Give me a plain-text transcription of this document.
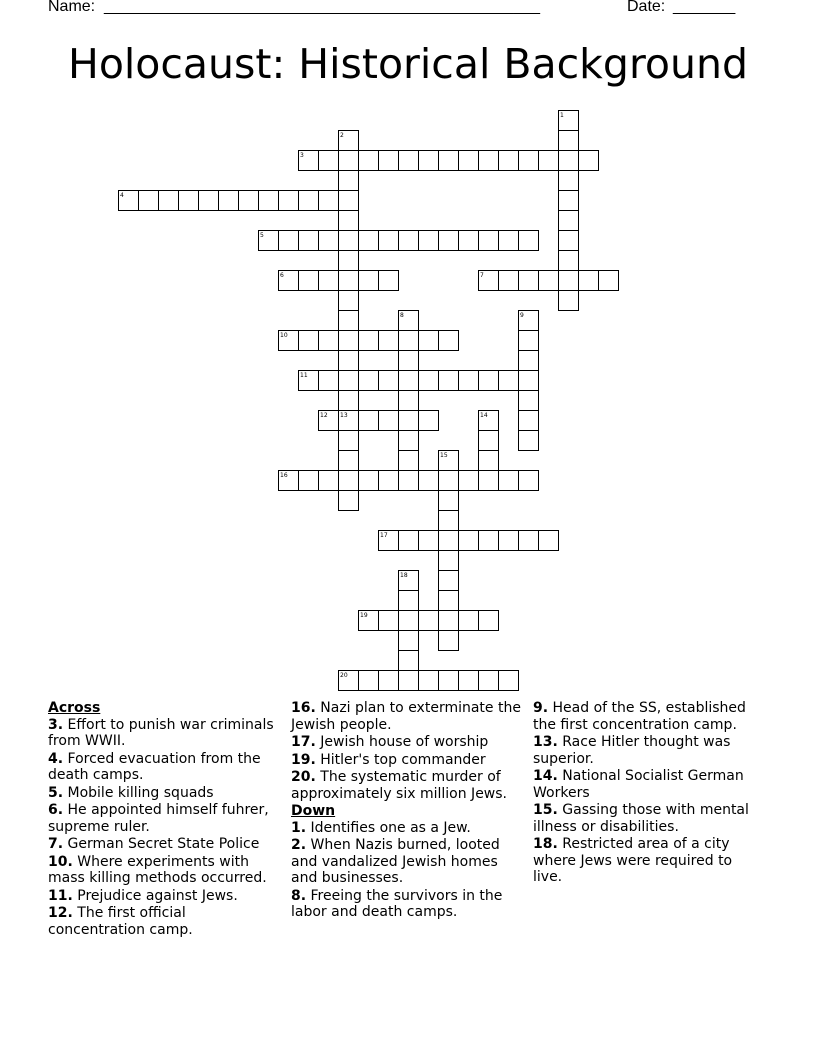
Name: _________________________________________________	Date: _______
Holocaust: Historical Background
1
2
3
4
5
6	7
8	9
10
11
12 13	14
15
16
17
18
19
20
Across
3. Effort to punish war criminals from WWII.
4. Forced evacuation from the death camps.
5. Mobile killing squads
6. He appointed himself fuhrer, supreme ruler.
7. German Secret State Police
10. Where experiments with mass killing methods occurred.
11. Prejudice against Jews.
12. The first official concentration camp.
16. Nazi plan to exterminate the Jewish people.
17. Jewish house of worship
19. Hitler's top commander
20. The systematic murder of approximately six million Jews.
Down
1. Identifies one as a Jew.
2. When Nazis burned, looted and vandalized Jewish homes and businesses.
8. Freeing the survivors in the labor and death camps.
9. Head of the SS, established the first concentration camp.
13. Race Hitler thought was superior.
14. National Socialist German Workers
15. Gassing those with mental illness or disabilities.
18. Restricted area of a city where Jews were required to live.
